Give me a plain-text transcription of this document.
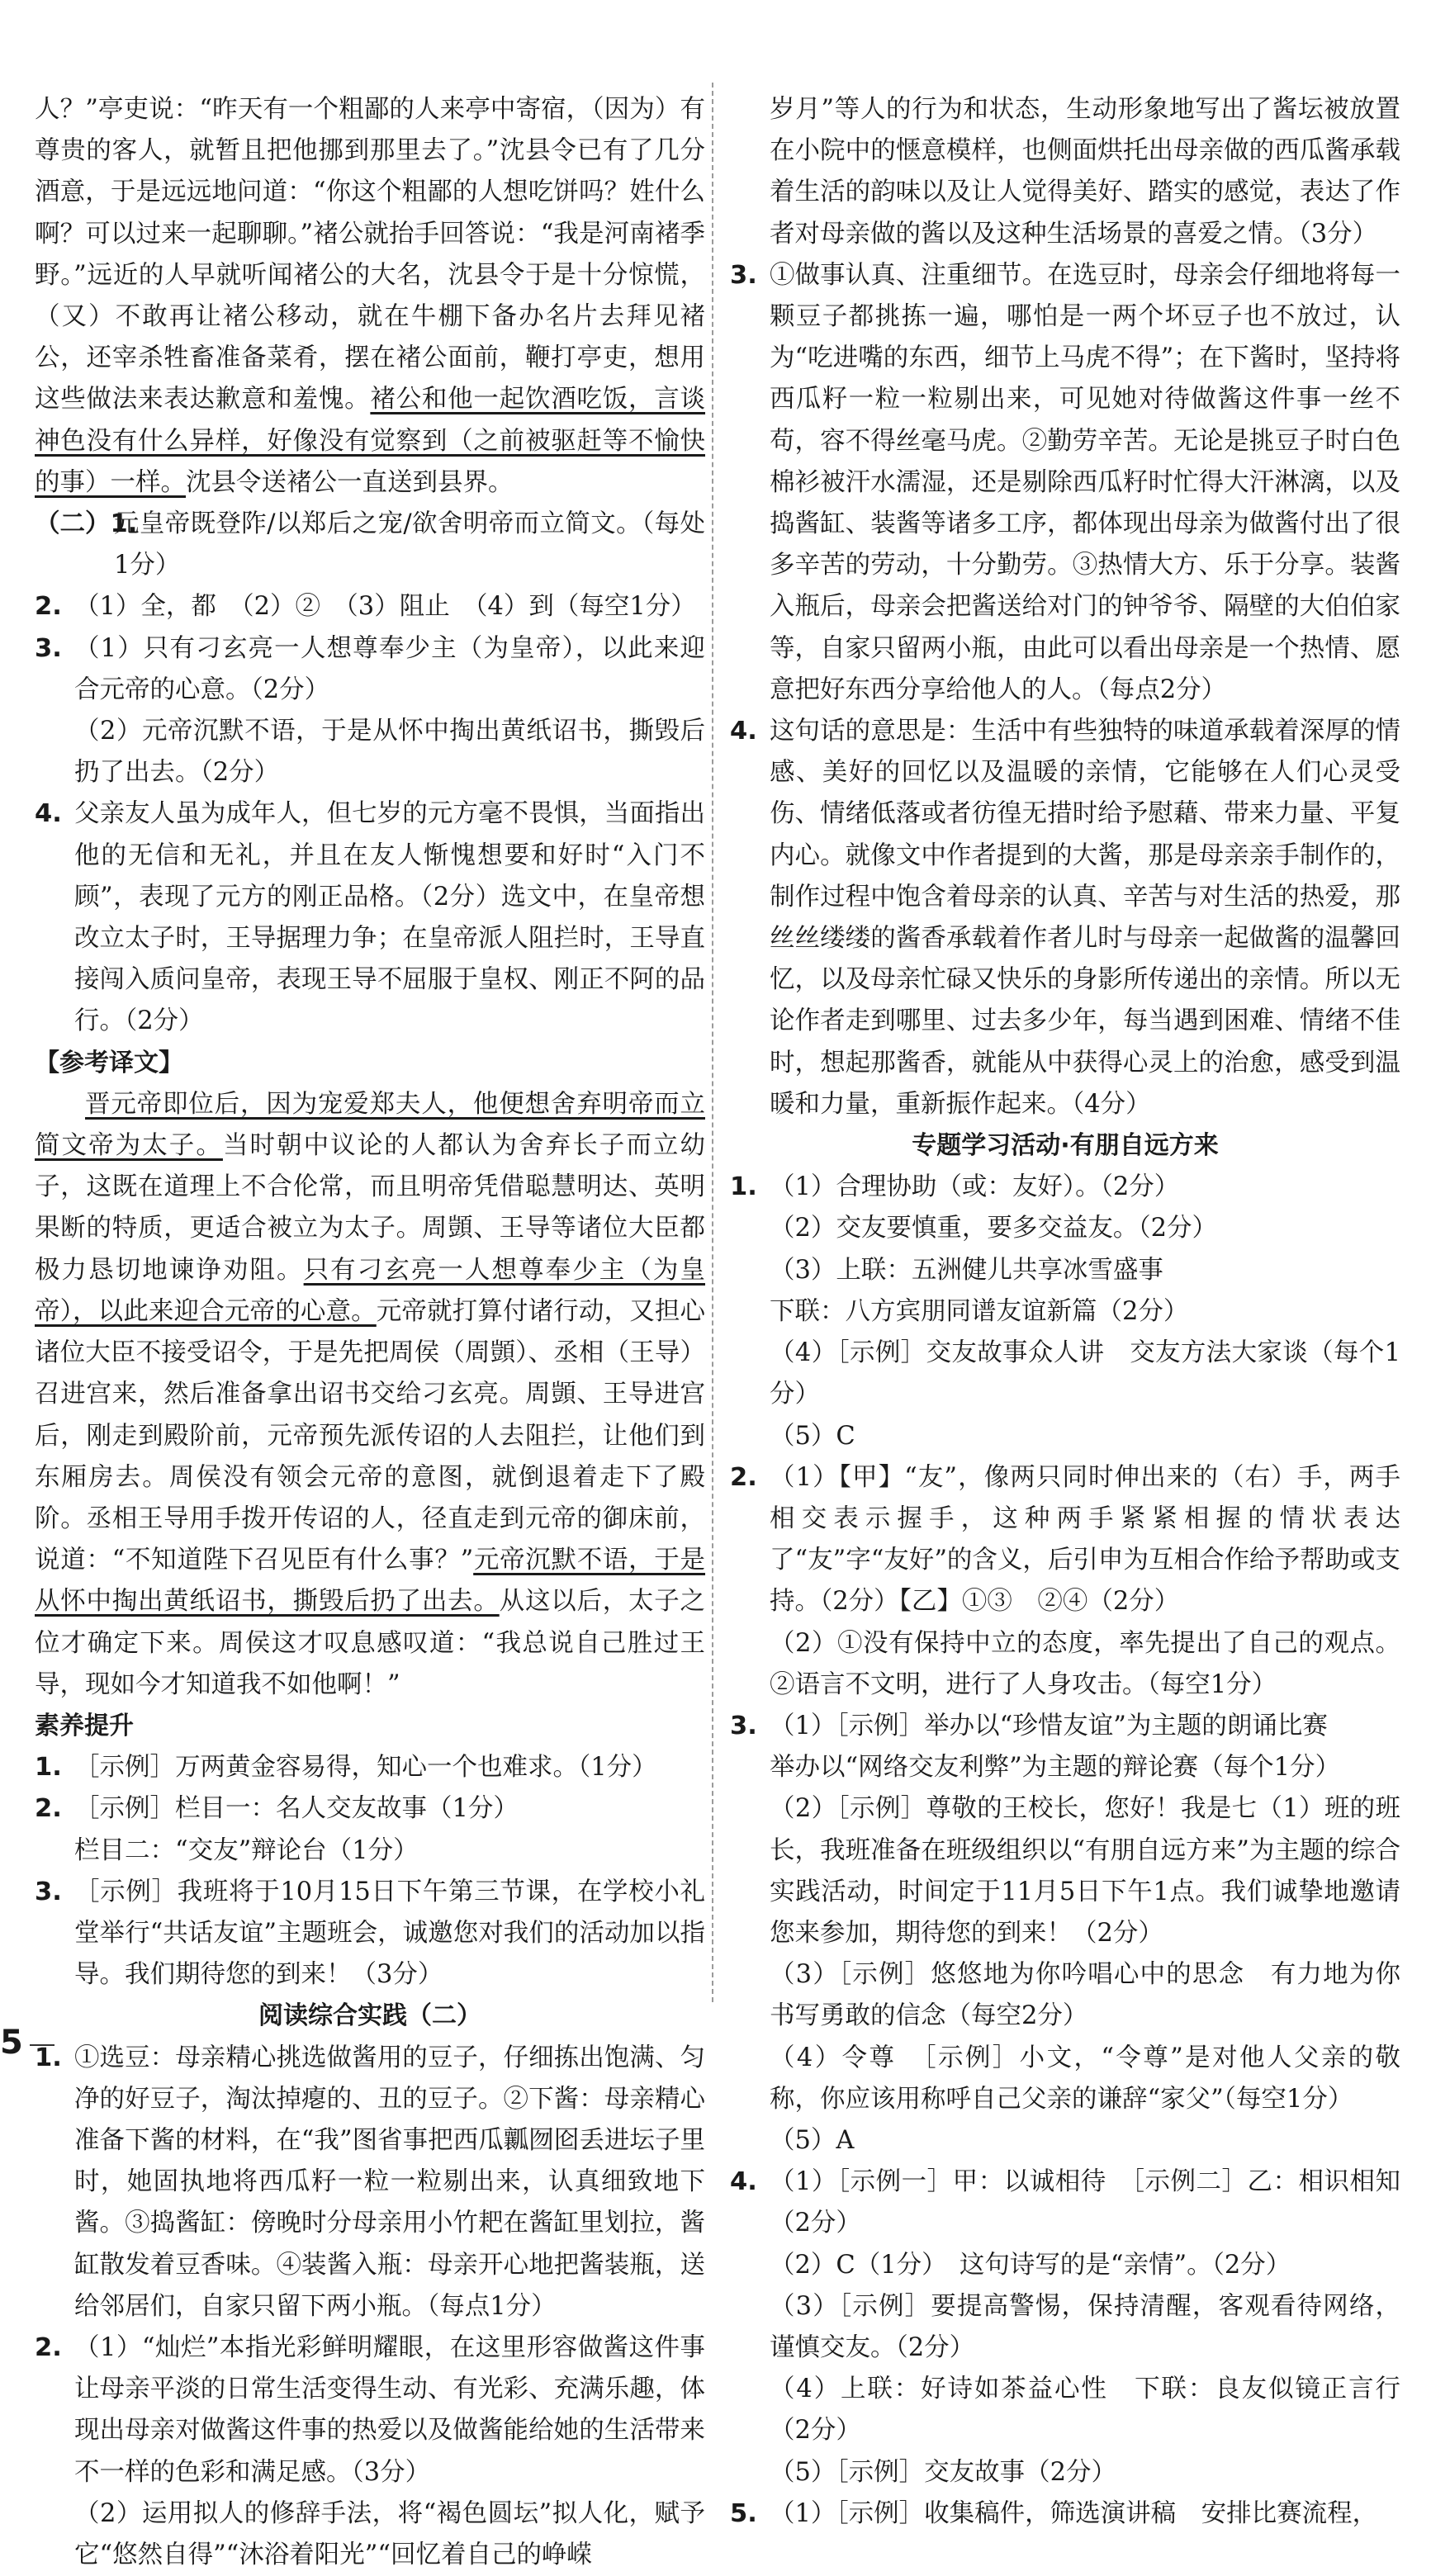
人？”亭吏说：“昨天有一个粗鄙的人来亭中寄宿，（因为）有尊贵的客人，就暂且把他挪到那里去了。”沈县令已有了几分酒意，于是远远地问道：“你这个粗鄙的人想吃饼吗？姓什么啊？可以过来一起聊聊。”褚公就抬手回答说：“我是河南褚季野。”远近的人早就听闻褚公的大名，沈县令于是十分惊慌，（又）不敢再让褚公移动，就在牛棚下备办名片去拜见褚公，还宰杀牲畜准备菜肴，摆在褚公面前，鞭打亭吏，想用这些做法来表达歉意和羞愧。褚公和他一起饮酒吃饭，言谈神色没有什么异样，好像没有觉察到（之前被驱赶等不愉快的事）一样。沈县令送褚公一直送到县界。

（二）1.
元皇帝既登阼/以郑后之宠/欲舍明帝而立简文。（每处1分）

2. （1）全，都　（2）②　（3）阻止　（4）到（每空1分）

3. （1）只有刁玄亮一人想尊奉少主（为皇帝），以此来迎合元帝的心意。（2分）

（2）元帝沉默不语，于是从怀中掏出黄纸诏书，撕毁后扔了出去。（2分）

4. 父亲友人虽为成年人，但七岁的元方毫不畏惧，当面指出他的无信和无礼，并且在友人惭愧想要和好时“入门不顾”，表现了元方的刚正品格。（2分）选文中，在皇帝想改立太子时，王导据理力争；在皇帝派人阻拦时，王导直接闯入质问皇帝，表现王导不屈服于皇权、刚正不阿的品行。（2分）

【参考译文】

晋元帝即位后，因为宠爱郑夫人，他便想舍弃明帝而立简文帝为太子。当时朝中议论的人都认为舍弃长子而立幼子，这既在道理上不合伦常，而且明帝凭借聪慧明达、英明果断的特质，更适合被立为太子。周顗、王导等诸位大臣都极力恳切地谏诤劝阻。只有刁玄亮一人想尊奉少主（为皇帝），以此来迎合元帝的心意。元帝就打算付诸行动，又担心诸位大臣不接受诏令，于是先把周侯（周顗）、丞相（王导）召进宫来，然后准备拿出诏书交给刁玄亮。周顗、王导进宫后，刚走到殿阶前，元帝预先派传诏的人去阻拦，让他们到东厢房去。周侯没有领会元帝的意图，就倒退着走下了殿阶。丞相王导用手拨开传诏的人，径直走到元帝的御床前，说道：“不知道陛下召见臣有什么事？”元帝沉默不语，于是从怀中掏出黄纸诏书，撕毁后扔了出去。从这以后，太子之位才确定下来。周侯这才叹息感叹道：“我总说自己胜过王导，现如今才知道我不如他啊！”

素养提升

1. ［示例］万两黄金容易得，知心一个也难求。（1分）

2. ［示例］栏目一：名人交友故事（1分）

栏目二：“交友”辩论台（1分）

3. ［示例］我班将于10月15日下午第三节课，在学校小礼堂举行“共话友谊”主题班会，诚邀您对我们的活动加以指导。我们期待您的到来！（3分）

阅读综合实践（二）

1. ①选豆：母亲精心挑选做酱用的豆子，仔细拣出饱满、匀净的好豆子，淘汰掉瘪的、丑的豆子。②下酱：母亲精心准备下酱的材料，在“我”图省事把西瓜瓤囫囵丢进坛子里时，她固执地将西瓜籽一粒一粒剔出来，认真细致地下酱。③捣酱缸：傍晚时分母亲用小竹耙在酱缸里划拉，酱缸散发着豆香味。④装酱入瓶：母亲开心地把酱装瓶，送给邻居们，自家只留下两小瓶。（每点1分）

2. （1）“灿烂”本指光彩鲜明耀眼，在这里形容做酱这件事让母亲平淡的日常生活变得生动、有光彩、充满乐趣，体现出母亲对做酱这件事的热爱以及做酱能给她的生活带来不一样的色彩和满足感。（3分）

（2）运用拟人的修辞手法，将“褐色圆坛”拟人化，赋予它“悠然自得”“沐浴着阳光”“回忆着自己的峥嵘

岁月”等人的行为和状态，生动形象地写出了酱坛被放置在小院中的惬意模样，也侧面烘托出母亲做的西瓜酱承载着生活的韵味以及让人觉得美好、踏实的感觉，表达了作者对母亲做的酱以及这种生活场景的喜爱之情。（3分）

3. ①做事认真、注重细节。在选豆时，母亲会仔细地将每一颗豆子都挑拣一遍，哪怕是一两个坏豆子也不放过，认为“吃进嘴的东西，细节上马虎不得”；在下酱时，坚持将西瓜籽一粒一粒剔出来，可见她对待做酱这件事一丝不苟，容不得丝毫马虎。②勤劳辛苦。无论是挑豆子时白色棉衫被汗水濡湿，还是剔除西瓜籽时忙得大汗淋漓，以及捣酱缸、装酱等诸多工序，都体现出母亲为做酱付出了很多辛苦的劳动，十分勤劳。③热情大方、乐于分享。装酱入瓶后，母亲会把酱送给对门的钟爷爷、隔壁的大伯伯家等，自家只留两小瓶，由此可以看出母亲是一个热情、愿意把好东西分享给他人的人。（每点2分）

4. 这句话的意思是：生活中有些独特的味道承载着深厚的情感、美好的回忆以及温暖的亲情，它能够在人们心灵受伤、情绪低落或者彷徨无措时给予慰藉、带来力量、平复内心。就像文中作者提到的大酱，那是母亲亲手制作的，制作过程中饱含着母亲的认真、辛苦与对生活的热爱，那丝丝缕缕的酱香承载着作者儿时与母亲一起做酱的温馨回忆，以及母亲忙碌又快乐的身影所传递出的亲情。所以无论作者走到哪里、过去多少年，每当遇到困难、情绪不佳时，想起那酱香，就能从中获得心灵上的治愈，感受到温暖和力量，重新振作起来。（4分）

专题学习活动·有朋自远方来

1. （1）合理协助（或：友好）。（2分）

（2）交友要慎重，要多交益友。（2分）

（3）上联：五洲健儿共享冰雪盛事

下联：八方宾朋同谱友谊新篇（2分）

（4）［示例］交友故事众人讲　交友方法大家谈（每个1分）

（5）C

2. （1）【甲】“友”，像两只同时伸出来的（右）手，两手相交表示握手，这种两手紧紧相握的情状表达了“友”字“友好”的含义，后引申为互相合作给予帮助或支持。（2分）【乙】①③　②④（2分）

（2）①没有保持中立的态度，率先提出了自己的观点。②语言不文明，进行了人身攻击。（每空1分）

3. （1）［示例］举办以“珍惜友谊”为主题的朗诵比赛

举办以“网络交友利弊”为主题的辩论赛（每个1分）

（2）［示例］尊敬的王校长，您好！我是七（1）班的班长，我班准备在班级组织以“有朋自远方来”为主题的综合实践活动，时间定于11月5日下午1点。我们诚挚地邀请您来参加，期待您的到来！（2分）

（3）［示例］悠悠地为你吟唱心中的思念　有力地为你书写勇敢的信念（每空2分）

（4）令尊　［示例］小文，“令尊”是对他人父亲的敬称，你应该用称呼自己父亲的谦辞“家父”（每空1分）

（5）A

4. （1）［示例一］甲：以诚相待　［示例二］乙：相识相知（2分）

（2）C（1分）　这句诗写的是“亲情”。（2分）

（3）［示例］要提高警惕，保持清醒，客观看待网络，谨慎交友。（2分）

（4）上联：好诗如茶益心性　下联：良友似镜正言行（2分）

（5）［示例］交友故事（2分）

5. （1）［示例］收集稿件，筛选演讲稿　安排比赛流程，

5
